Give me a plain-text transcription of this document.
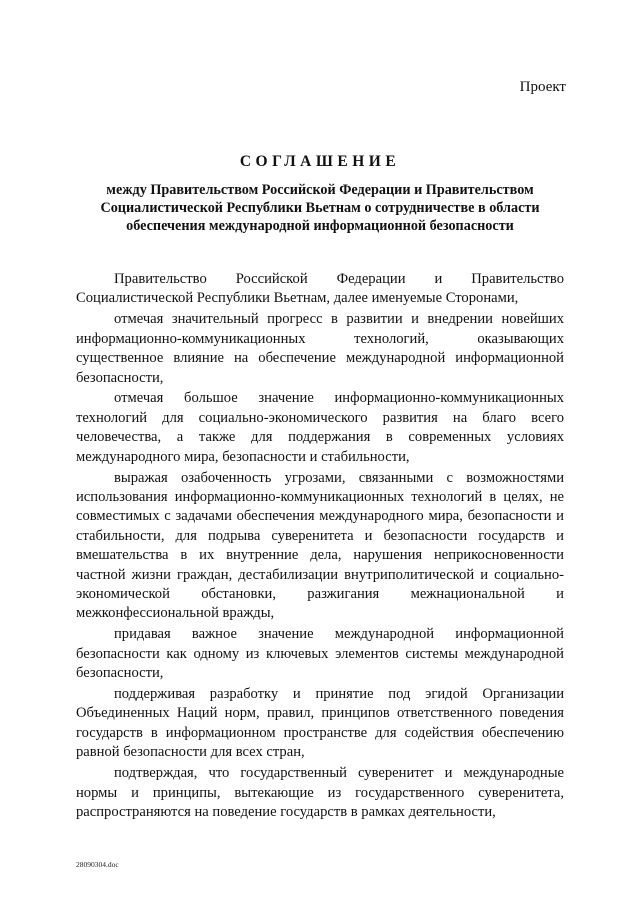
Проект
СОГЛАШЕНИЕ
между Правительством Российской Федерации и Правительством Социалистической Республики Вьетнам о сотрудничестве в области обеспечения международной информационной безопасности

Правительство Российской Федерации и Правительство Социалистической Республики Вьетнам, далее именуемые Сторонами,

отмечая значительный прогресс в развитии и внедрении новейших информационно-коммуникационных технологий, оказывающих существенное влияние на обеспечение международной информационной безопасности,

отмечая большое значение информационно-коммуникационных технологий для социально-экономического развития на благо всего человечества, а также для поддержания в современных условиях международного мира, безопасности и стабильности,

выражая озабоченность угрозами, связанными с возможностями использования информационно-коммуникационных технологий в целях, не совместимых с задачами обеспечения международного мира, безопасности и стабильности, для подрыва суверенитета и безопасности государств и вмешательства в их внутренние дела, нарушения неприкосновенности частной жизни граждан, дестабилизации внутриполитической и социально-экономической обстановки, разжигания межнациональной и межконфессиональной вражды,

придавая важное значение международной информационной безопасности как одному из ключевых элементов системы международной безопасности,

поддерживая разработку и принятие под эгидой Организации Объединенных Наций норм, правил, принципов ответственного поведения государств в информационном пространстве для содействия обеспечению равной безопасности для всех стран,

подтверждая, что государственный суверенитет и международные нормы и принципы, вытекающие из государственного суверенитета, распространяются на поведение государств в рамках деятельности,

28090304.doc
